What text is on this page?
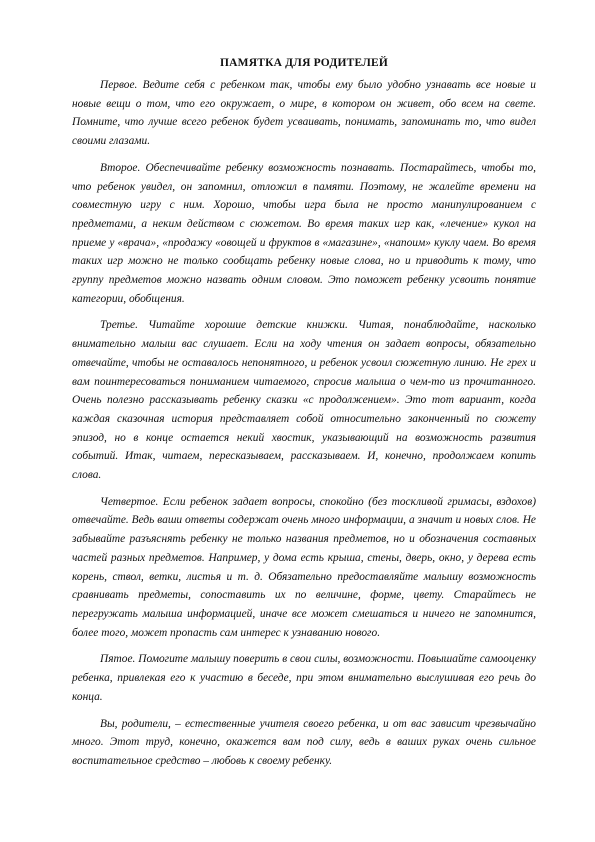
ПАМЯТКА ДЛЯ РОДИТЕЛЕЙ

Первое. Ведите себя с ребенком так, чтобы ему было удобно узнавать все новые и новые вещи о том, что его окружает, о мире, в котором он живет, обо всем на свете. Помните, что лучше всего ребенок будет усваивать, понимать, запоминать то, что видел своими глазами.

Второе. Обеспечивайте ребенку возможность познавать. Постарайтесь, чтобы то, что ребенок увидел, он запомнил, отложил в памяти. Поэтому, не жалейте времени на совместную игру с ним. Хорошо, чтобы игра была не просто манипулированием с предметами, а неким действом с сюжетом. Во время таких игр как, «лечение» кукол на приеме у «врача», «продажу «овощей и фруктов в «магазине», «напоим» куклу чаем. Во время таких игр можно не только сообщать ребенку новые слова, но и приводить к тому, что группу предметов можно назвать одним словом. Это поможет ребенку усвоить понятие категории, обобщения.

Третье. Читайте хорошие детские книжки. Читая, понаблюдайте, насколько внимательно малыш вас слушает. Если на ходу чтения он задает вопросы, обязательно отвечайте, чтобы не оставалось непонятного, и ребенок усвоил сюжетную линию. Не грех и вам поинтересоваться пониманием читаемого, спросив малыша о чем-то из прочитанного. Очень полезно рассказывать ребенку сказки «с продолжением». Это тот вариант, когда каждая сказочная история представляет собой относительно законченный по сюжету эпизод, но в конце остается некий хвостик, указывающий на возможность развития событий. Итак, читаем, пересказываем, рассказываем. И, конечно, продолжаем копить слова.

Четвертое. Если ребенок задает вопросы, спокойно (без тоскливой гримасы, вздохов) отвечайте. Ведь ваши ответы содержат очень много информации, а значит и новых слов. Не забывайте разъяснять ребенку не только названия предметов, но и обозначения составных частей разных предметов. Например, у дома есть крыша, стены, дверь, окно, у дерева есть корень, ствол, ветки, листья и т. д. Обязательно предоставляйте малышу возможность сравнивать предметы, сопоставить их по величине, форме, цвету. Старайтесь не перегружать малыша информацией, иначе все может смешаться и ничего не запомнится, более того, может пропасть сам интерес к узнаванию нового.

Пятое. Помогите малышу поверить в свои силы, возможности. Повышайте самооценку ребенка, привлекая его к участию в беседе, при этом внимательно выслушивая его речь до конца.

Вы, родители, – естественные учителя своего ребенка, и от вас зависит чрезвычайно много. Этот труд, конечно, окажется вам под силу, ведь в ваших руках очень сильное воспитательное средство – любовь к своему ребенку.
